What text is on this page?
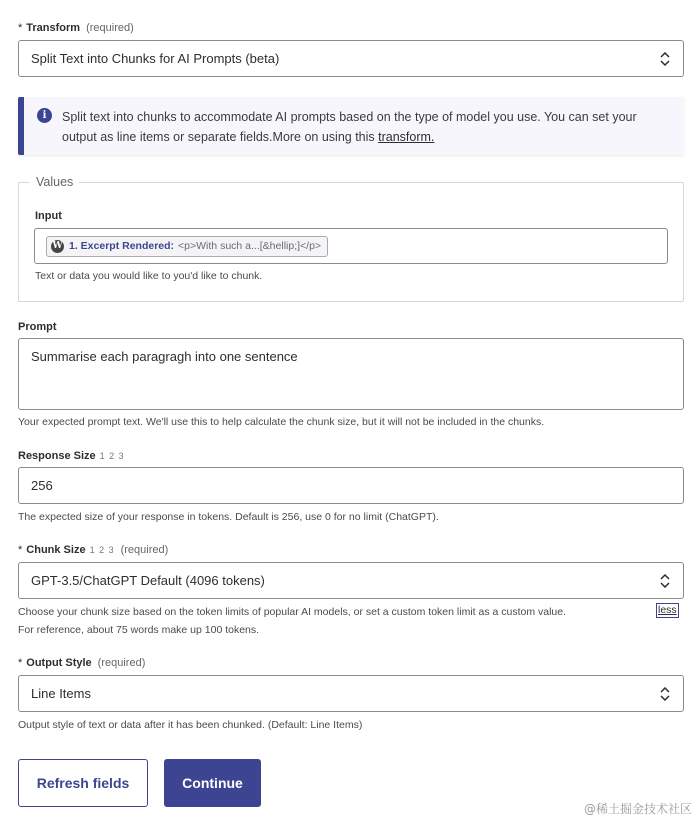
* Transform (required)
Split Text into Chunks for AI Prompts (beta)
i	Split text into chunks to accommodate AI prompts based on the type of model you use. You can set your output as line items or separate fields.More on using this transform.
Values
Input
W 1. Excerpt Rendered: <p>With such a...[&hellip;]</p>
Text or data you would like to you'd like to chunk.
Prompt
Summarise each paragragh into one sentence
Your expected prompt text. We'll use this to help calculate the chunk size, but it will not be included in the chunks.
Response Size 1 2 3
256
The expected size of your response in tokens. Default is 256, use 0 for no limit (ChatGPT).
* Chunk Size 1 2 3 (required)
GPT-3.5/ChatGPT Default (4096 tokens)
Choose your chunk size based on the token limits of popular AI models, or set a custom token limit as a custom value.
For reference, about 75 words make up 100 tokens.
less
* Output Style (required)
Line Items
Output style of text or data after it has been chunked. (Default: Line Items)
Refresh fields	Continue
@稀土掘金技术社区
